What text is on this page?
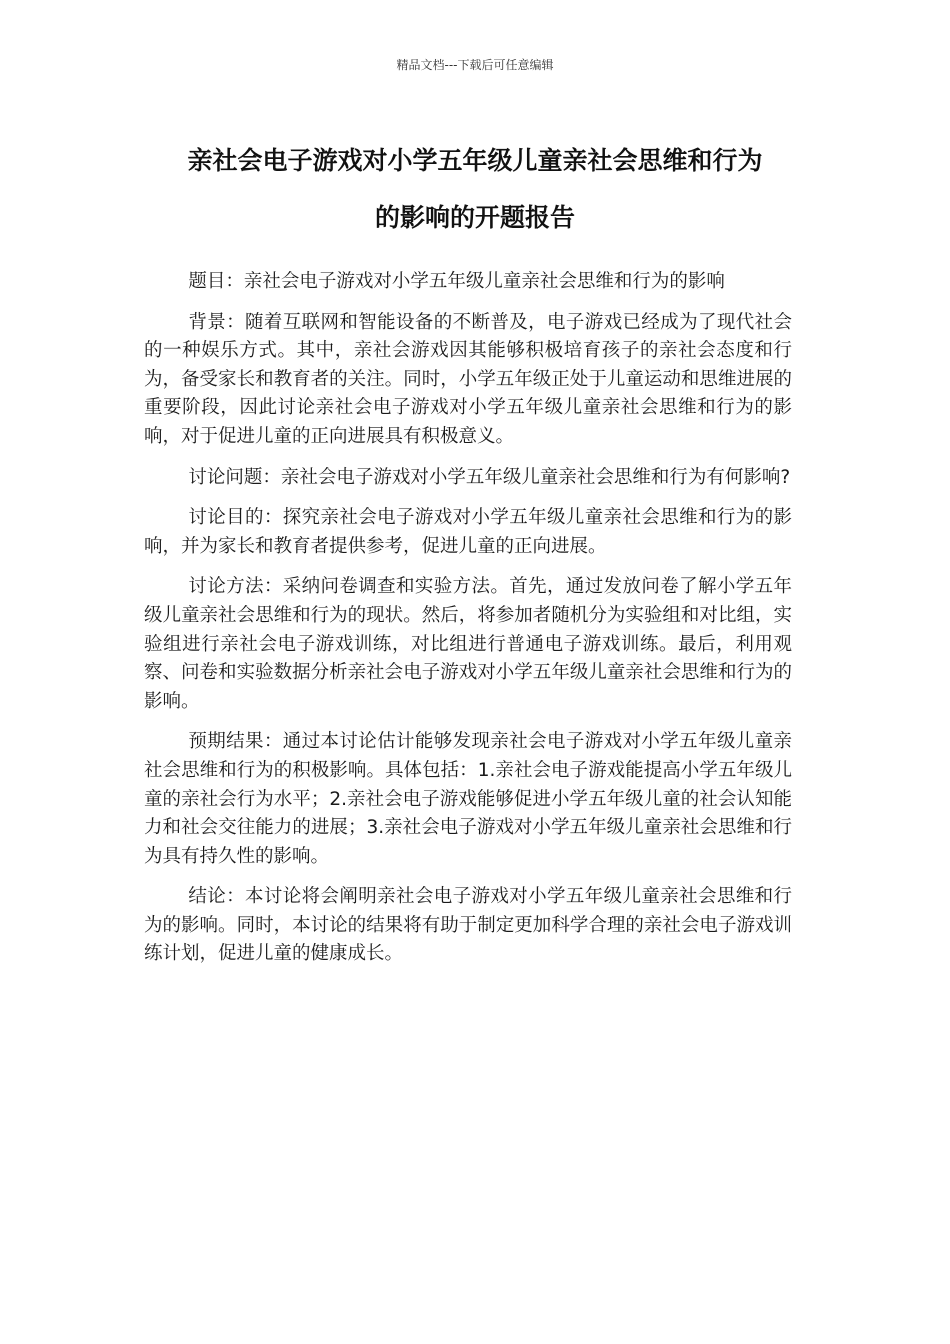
精品文档---下载后可任意编辑
亲社会电子游戏对小学五年级儿童亲社会思维和行为
的影响的开题报告

题目：亲社会电子游戏对小学五年级儿童亲社会思维和行为的影响

背景：随着互联网和智能设备的不断普及，电子游戏已经成为了现代社会的一种娱乐方式。其中，亲社会游戏因其能够积极培育孩子的亲社会态度和行为，备受家长和教育者的关注。同时，小学五年级正处于儿童运动和思维进展的重要阶段，因此讨论亲社会电子游戏对小学五年级儿童亲社会思维和行为的影响，对于促进儿童的正向进展具有积极意义。

讨论问题：亲社会电子游戏对小学五年级儿童亲社会思维和行为有何影响?

讨论目的：探究亲社会电子游戏对小学五年级儿童亲社会思维和行为的影响，并为家长和教育者提供参考，促进儿童的正向进展。

讨论方法：采纳问卷调查和实验方法。首先，通过发放问卷了解小学五年级儿童亲社会思维和行为的现状。然后，将参加者随机分为实验组和对比组，实验组进行亲社会电子游戏训练，对比组进行普通电子游戏训练。最后，利用观察、问卷和实验数据分析亲社会电子游戏对小学五年级儿童亲社会思维和行为的影响。

预期结果：通过本讨论估计能够发现亲社会电子游戏对小学五年级儿童亲社会思维和行为的积极影响。具体包括：1.亲社会电子游戏能提高小学五年级儿童的亲社会行为水平；2.亲社会电子游戏能够促进小学五年级儿童的社会认知能力和社会交往能力的进展；3.亲社会电子游戏对小学五年级儿童亲社会思维和行为具有持久性的影响。

结论：本讨论将会阐明亲社会电子游戏对小学五年级儿童亲社会思维和行为的影响。同时，本讨论的结果将有助于制定更加科学合理的亲社会电子游戏训练计划，促进儿童的健康成长。
